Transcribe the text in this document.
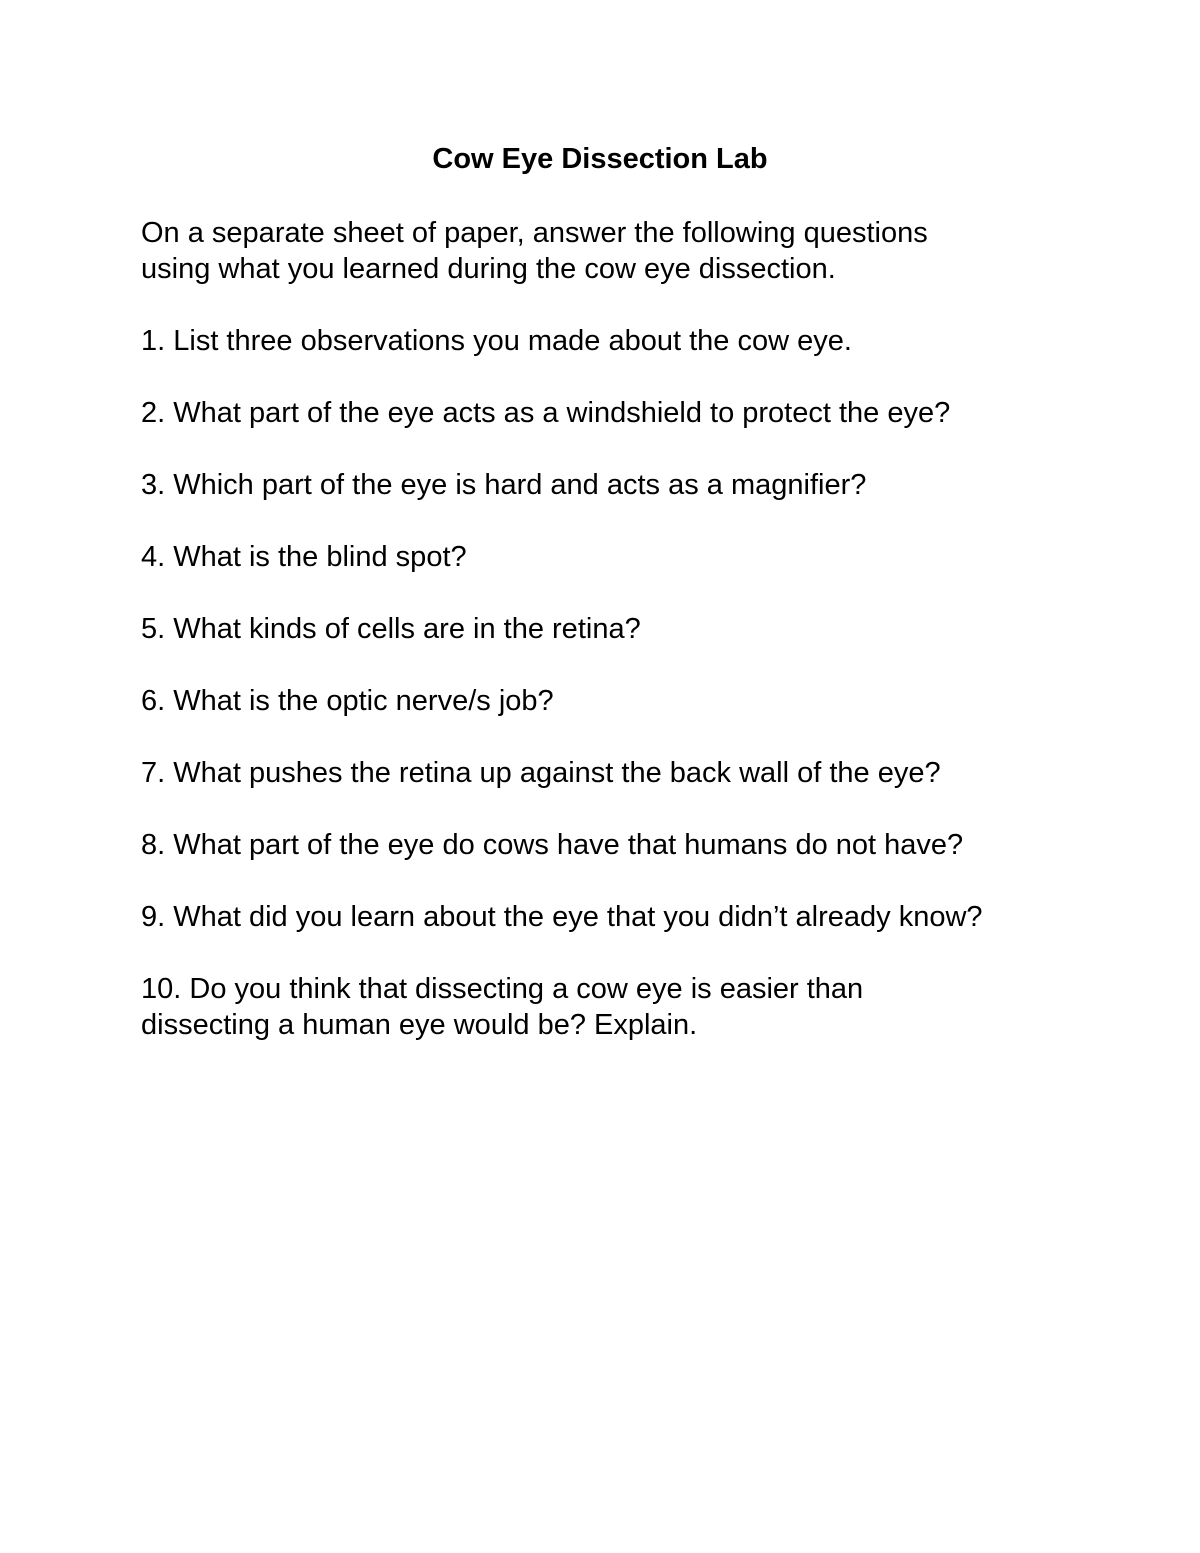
Cow Eye Dissection Lab
On a separate sheet of paper, answer the following questions
using what you learned during the cow eye dissection.
1. List three observations you made about the cow eye.
2. What part of the eye acts as a windshield to protect the eye?
3. Which part of the eye is hard and acts as a magnifier?
4. What is the blind spot?
5. What kinds of cells are in the retina?
6. What is the optic nerve/s job?
7. What pushes the retina up against the back wall of the eye?
8. What part of the eye do cows have that humans do not have?
9. What did you learn about the eye that you didn’t already know?
10. Do you think that dissecting a cow eye is easier than
dissecting a human eye would be? Explain.
